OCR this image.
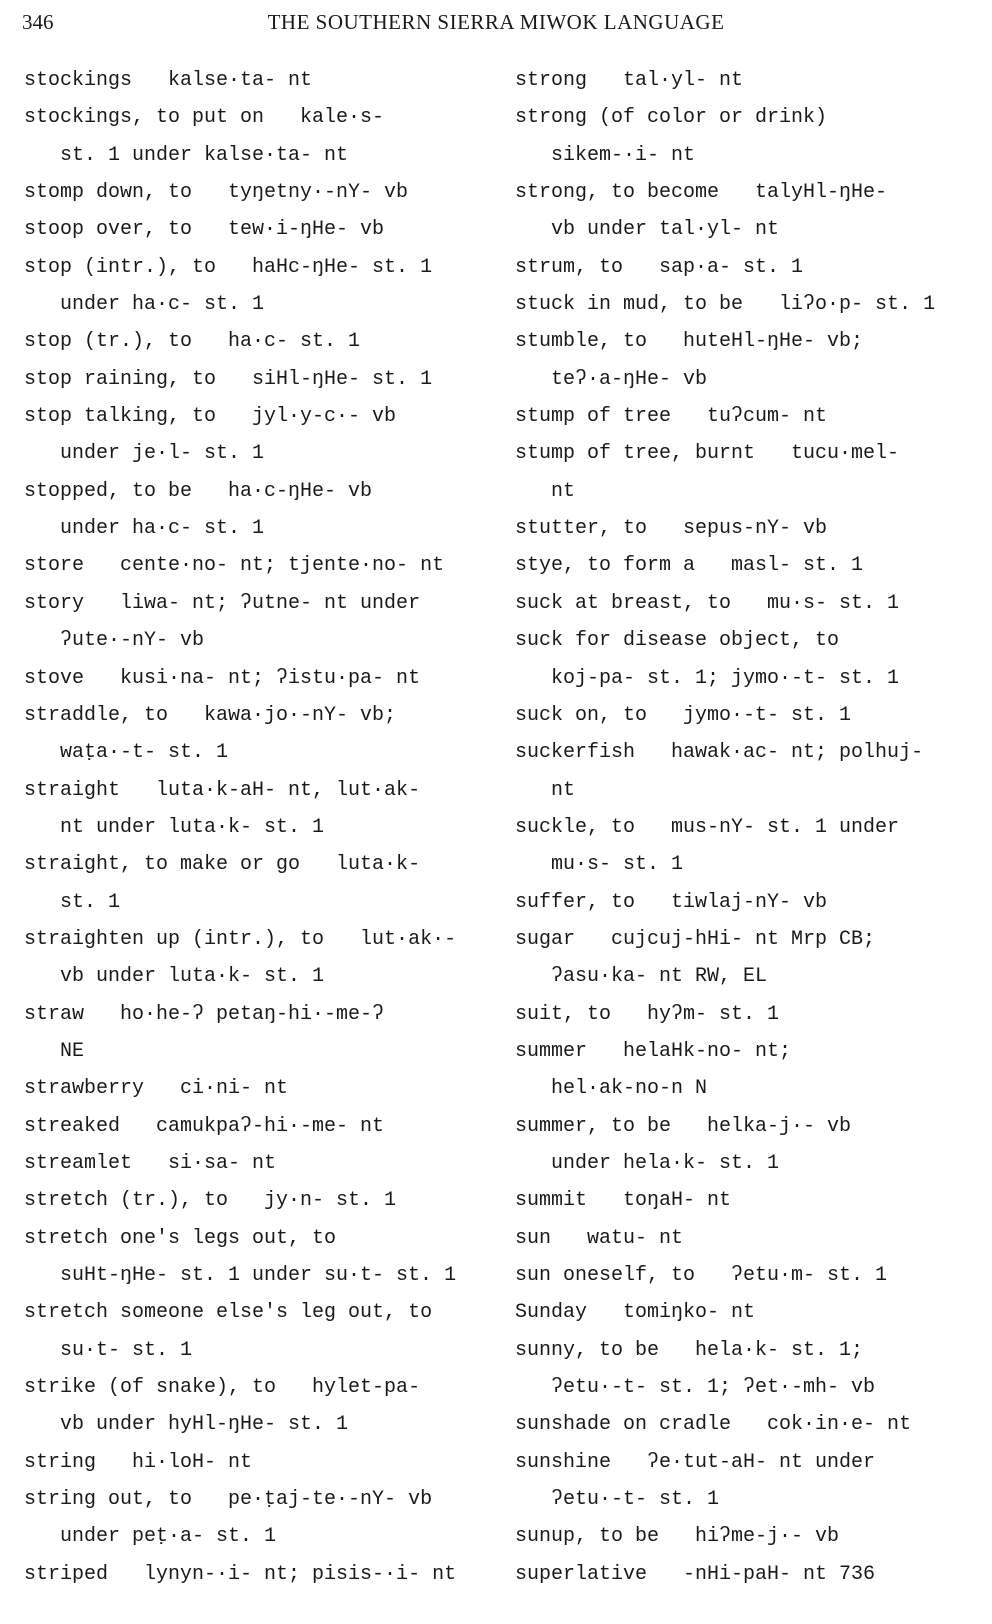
346	THE SOUTHERN SIERRA MIWOK LANGUAGE
stockings   kalse·ta- nt
stockings, to put on   kale·s-
st. 1 under kalse·ta- nt
stomp down, to   tyŋetny·-nY- vb
stoop over, to   tew·i-ŋHe- vb
stop (intr.), to   haHc-ŋHe- st. 1
under ha·c- st. 1
stop (tr.), to   ha·c- st. 1
stop raining, to   siHl-ŋHe- st. 1
stop talking, to   jyl·y-c·- vb
under je·l- st. 1
stopped, to be   ha·c-ŋHe- vb
under ha·c- st. 1
store   cente·no- nt; tjente·no- nt
story   liwa- nt; ʔutne- nt under
ʔute·-nY- vb
stove   kusi·na- nt; ʔistu·pa- nt
straddle, to   kawa·jo·-nY- vb;
waṭa·-t- st. 1
straight   luta·k-aH- nt, lut·ak-
nt under luta·k- st. 1
straight, to make or go   luta·k-
st. 1
straighten up (intr.), to   lut·ak·-
vb under luta·k- st. 1
straw   ho·he-ʔ petaŋ-hi·-me-ʔ
NE
strawberry   ci·ni- nt
streaked   camukpaʔ-hi·-me- nt
streamlet   si·sa- nt
stretch (tr.), to   jy·n- st. 1
stretch one's legs out, to
suHt-ŋHe- st. 1 under su·t- st. 1
stretch someone else's leg out, to
su·t- st. 1
strike (of snake), to   hylet-pa-
vb under hyHl-ŋHe- st. 1
string   hi·loH- nt
string out, to   pe·ṭaj-te·-nY- vb
under peṭ·a- st. 1
striped   lynyn-·i- nt; pisis-·i- nt
strong   tal·yl- nt
strong (of color or drink)
sikem-·i- nt
strong, to become   talyHl-ŋHe-
vb under tal·yl- nt
strum, to   sap·a- st. 1
stuck in mud, to be   liʔo·p- st. 1
stumble, to   huteHl-ŋHe- vb;
teʔ·a-ŋHe- vb
stump of tree   tuʔcum- nt
stump of tree, burnt   tucu·mel-
nt
stutter, to   sepus-nY- vb
stye, to form a   masl- st. 1
suck at breast, to   mu·s- st. 1
suck for disease object, to
koj-pa- st. 1; jymo·-t- st. 1
suck on, to   jymo·-t- st. 1
suckerfish   hawak·ac- nt; polhuj-
nt
suckle, to   mus-nY- st. 1 under
mu·s- st. 1
suffer, to   tiwlaj-nY- vb
sugar   cujcuj-hHi- nt Mrp CB;
ʔasu·ka- nt RW, EL
suit, to   hyʔm- st. 1
summer   helaHk-no- nt;
hel·ak-no-n N
summer, to be   helka-j·- vb
under hela·k- st. 1
summit   toŋaH- nt
sun   watu- nt
sun oneself, to   ʔetu·m- st. 1
Sunday   tomiŋko- nt
sunny, to be   hela·k- st. 1;
ʔetu·-t- st. 1; ʔet·-mh- vb
sunshade on cradle   cok·in·e- nt
sunshine   ʔe·tut-aH- nt under
ʔetu·-t- st. 1
sunup, to be   hiʔme-j·- vb
superlative   -nHi-paH- nt 736
